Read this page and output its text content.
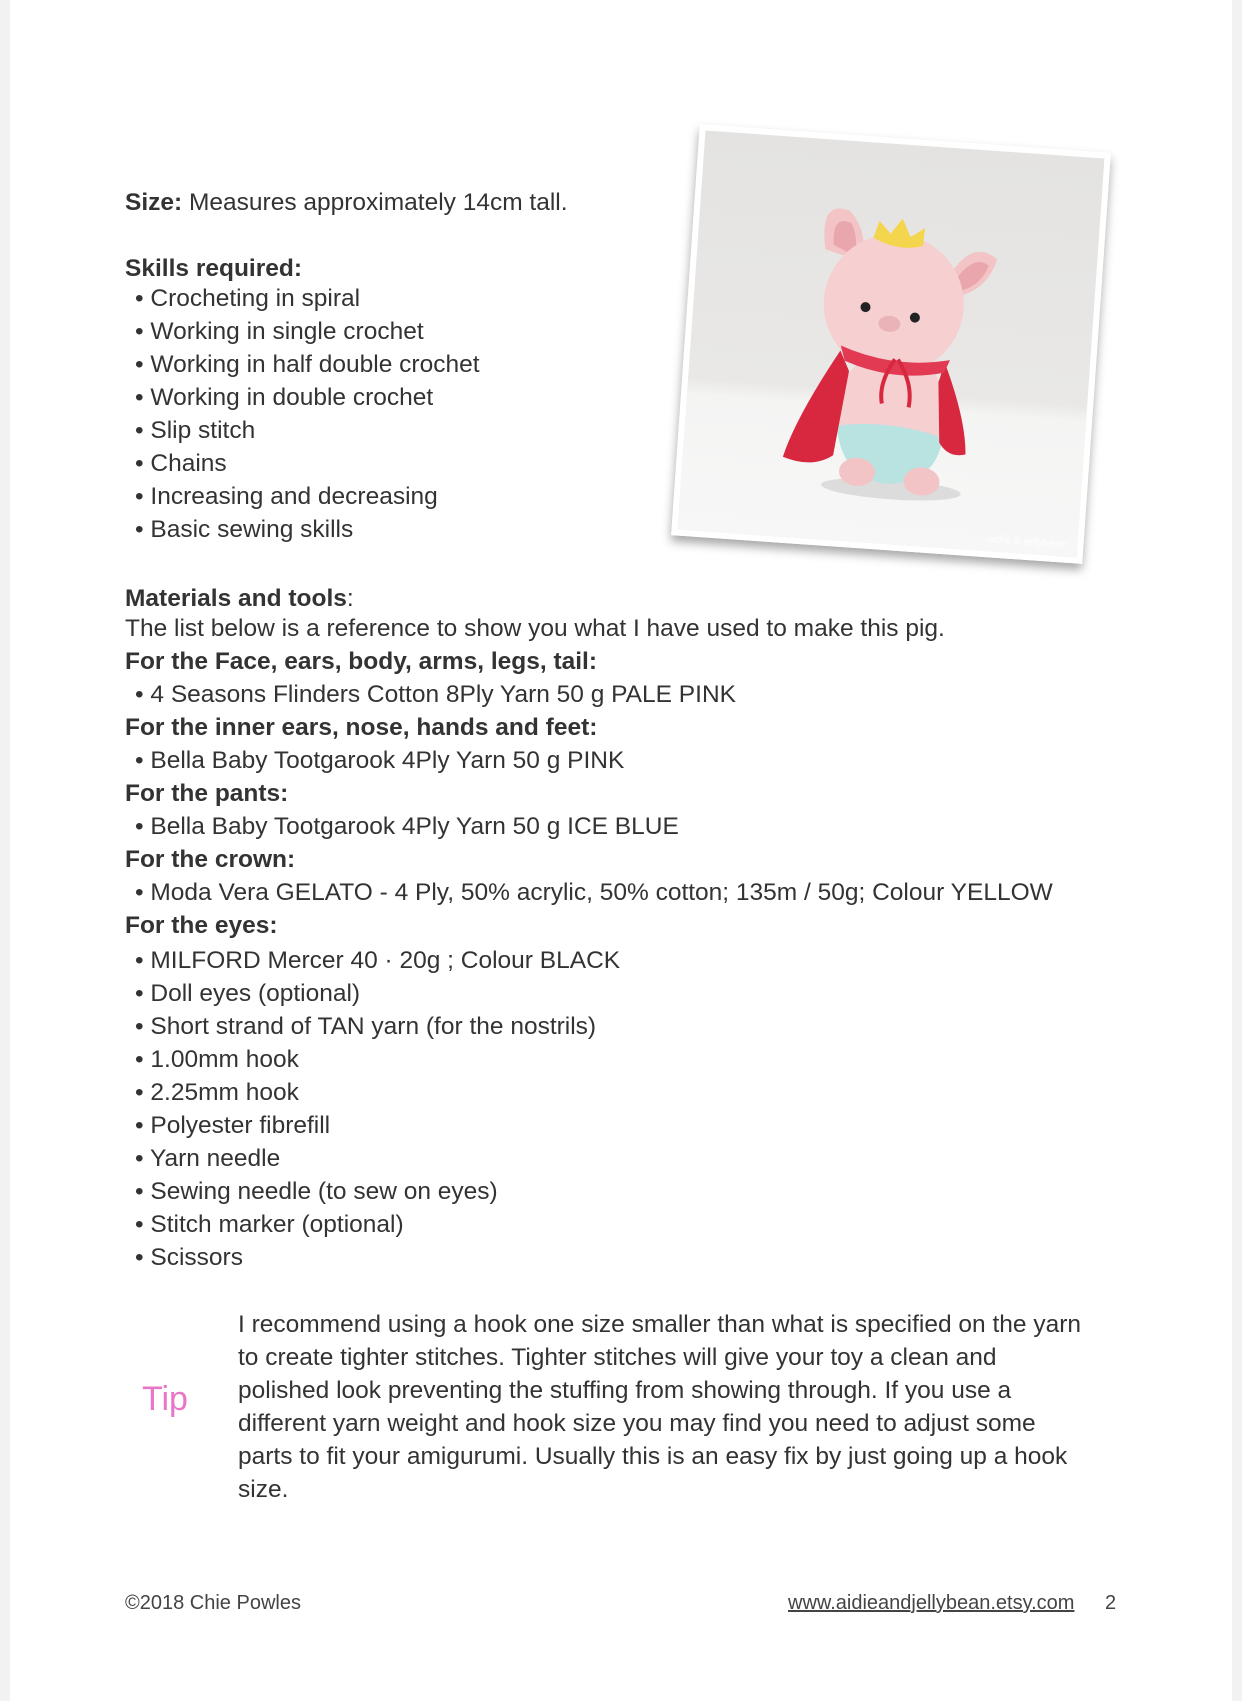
Size: Measures approximately 14cm tall.
Skills required:
• Crocheting in spiral
• Working in single crochet
• Working in half double crochet
• Working in double crochet
• Slip stitch
• Chains
• Increasing and decreasing
• Basic sewing skills	aidie & jellybean
Materials and tools:
The list below is a reference to show you what I have used to make this pig.
For the Face, ears, body, arms, legs, tail:
• 4 Seasons Flinders Cotton 8Ply Yarn 50 g PALE PINK
For the inner ears, nose, hands and feet:
• Bella Baby Tootgarook 4Ply Yarn 50 g PINK
For the pants:
• Bella Baby Tootgarook 4Ply Yarn 50 g ICE BLUE
For the crown:
• Moda Vera GELATO - 4 Ply, 50% acrylic, 50% cotton; 135m / 50g; Colour YELLOW
For the eyes:
• MILFORD Mercer 40 · 20g ; Colour BLACK
• Doll eyes (optional)
• Short strand of TAN yarn (for the nostrils)
• 1.00mm hook
• 2.25mm hook
• Polyester fibrefill
• Yarn needle
• Sewing needle (to sew on eyes)
• Stitch marker (optional)
• Scissors
Tip
I recommend using a hook one size smaller than what is specified on the yarn to create tighter stitches. Tighter stitches will give your toy a clean and polished look preventing the stuffing from showing through. If you use a different yarn weight and hook size you may find you need to adjust some parts to fit your amigurumi. Usually this is an easy fix by just going up a hook size.
©2018 Chie Powles	www.aidieandjellybean.etsy.com 2
